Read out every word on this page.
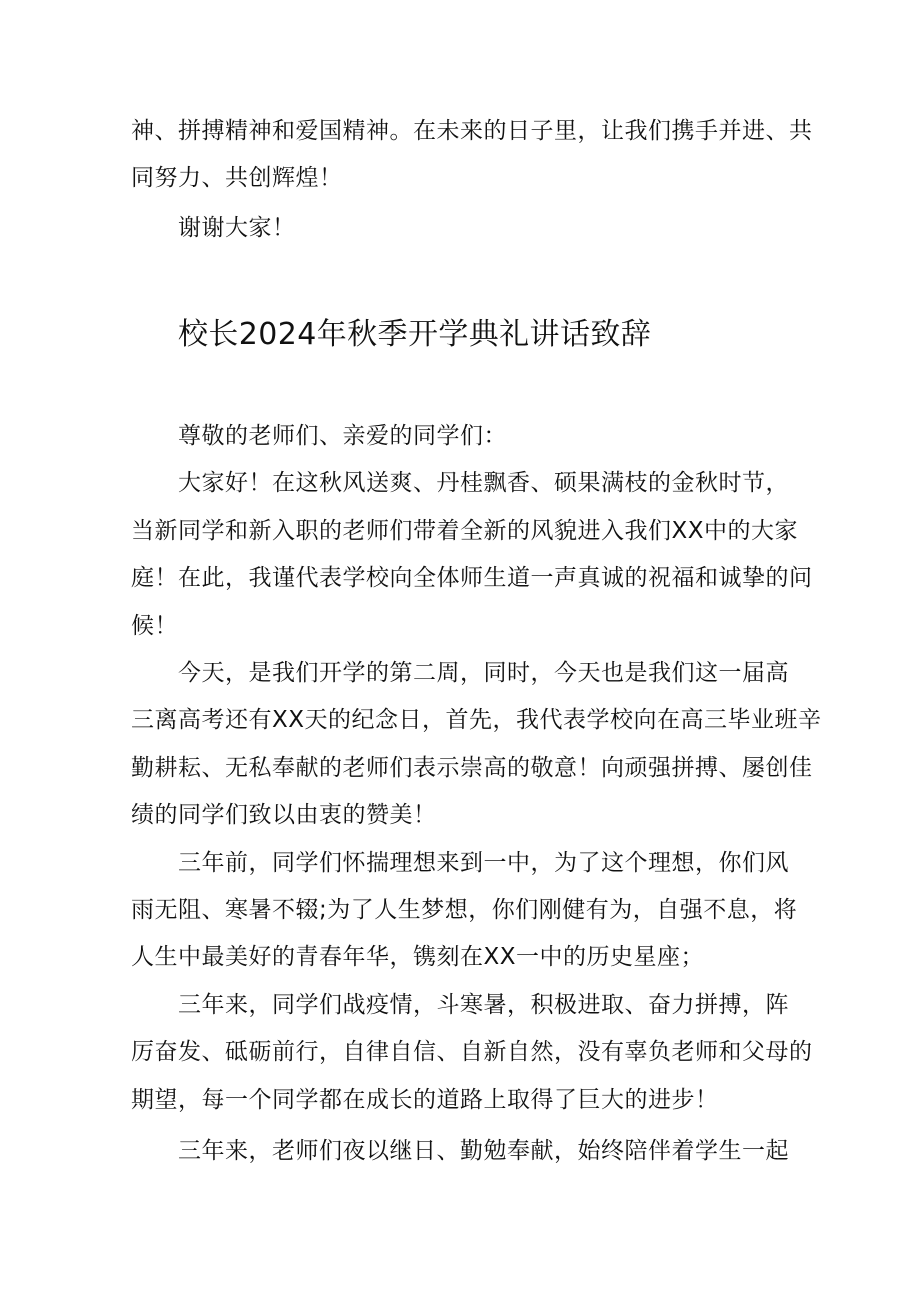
神、拼搏精神和爱国精神。在未来的日子里，让我们携手并进、共
同努力、共创辉煌！
谢谢大家！
校长2024年秋季开学典礼讲话致辞
尊敬的老师们、亲爱的同学们：
大家好！在这秋风送爽、丹桂飘香、硕果满枝的金秋时节，
当新同学和新入职的老师们带着全新的风貌进入我们XX中的大家
庭！在此，我谨代表学校向全体师生道一声真诚的祝福和诚挚的问
候！
今天，是我们开学的第二周，同时，今天也是我们这一届高
三离高考还有XX天的纪念日，首先，我代表学校向在高三毕业班辛
勤耕耘、无私奉献的老师们表示崇高的敬意！向顽强拼搏、屡创佳
绩的同学们致以由衷的赞美！
三年前，同学们怀揣理想来到一中，为了这个理想，你们风
雨无阻、寒暑不辍;为了人生梦想，你们刚健有为，自强不息，将
人生中最美好的青春年华，镌刻在XX一中的历史星座；
三年来，同学们战疫情，斗寒暑，积极进取、奋力拼搏，阵
厉奋发、砥砺前行，自律自信、自新自然，没有辜负老师和父母的
期望，每一个同学都在成长的道路上取得了巨大的进步！
三年来，老师们夜以继日、勤勉奉献，始终陪伴着学生一起
